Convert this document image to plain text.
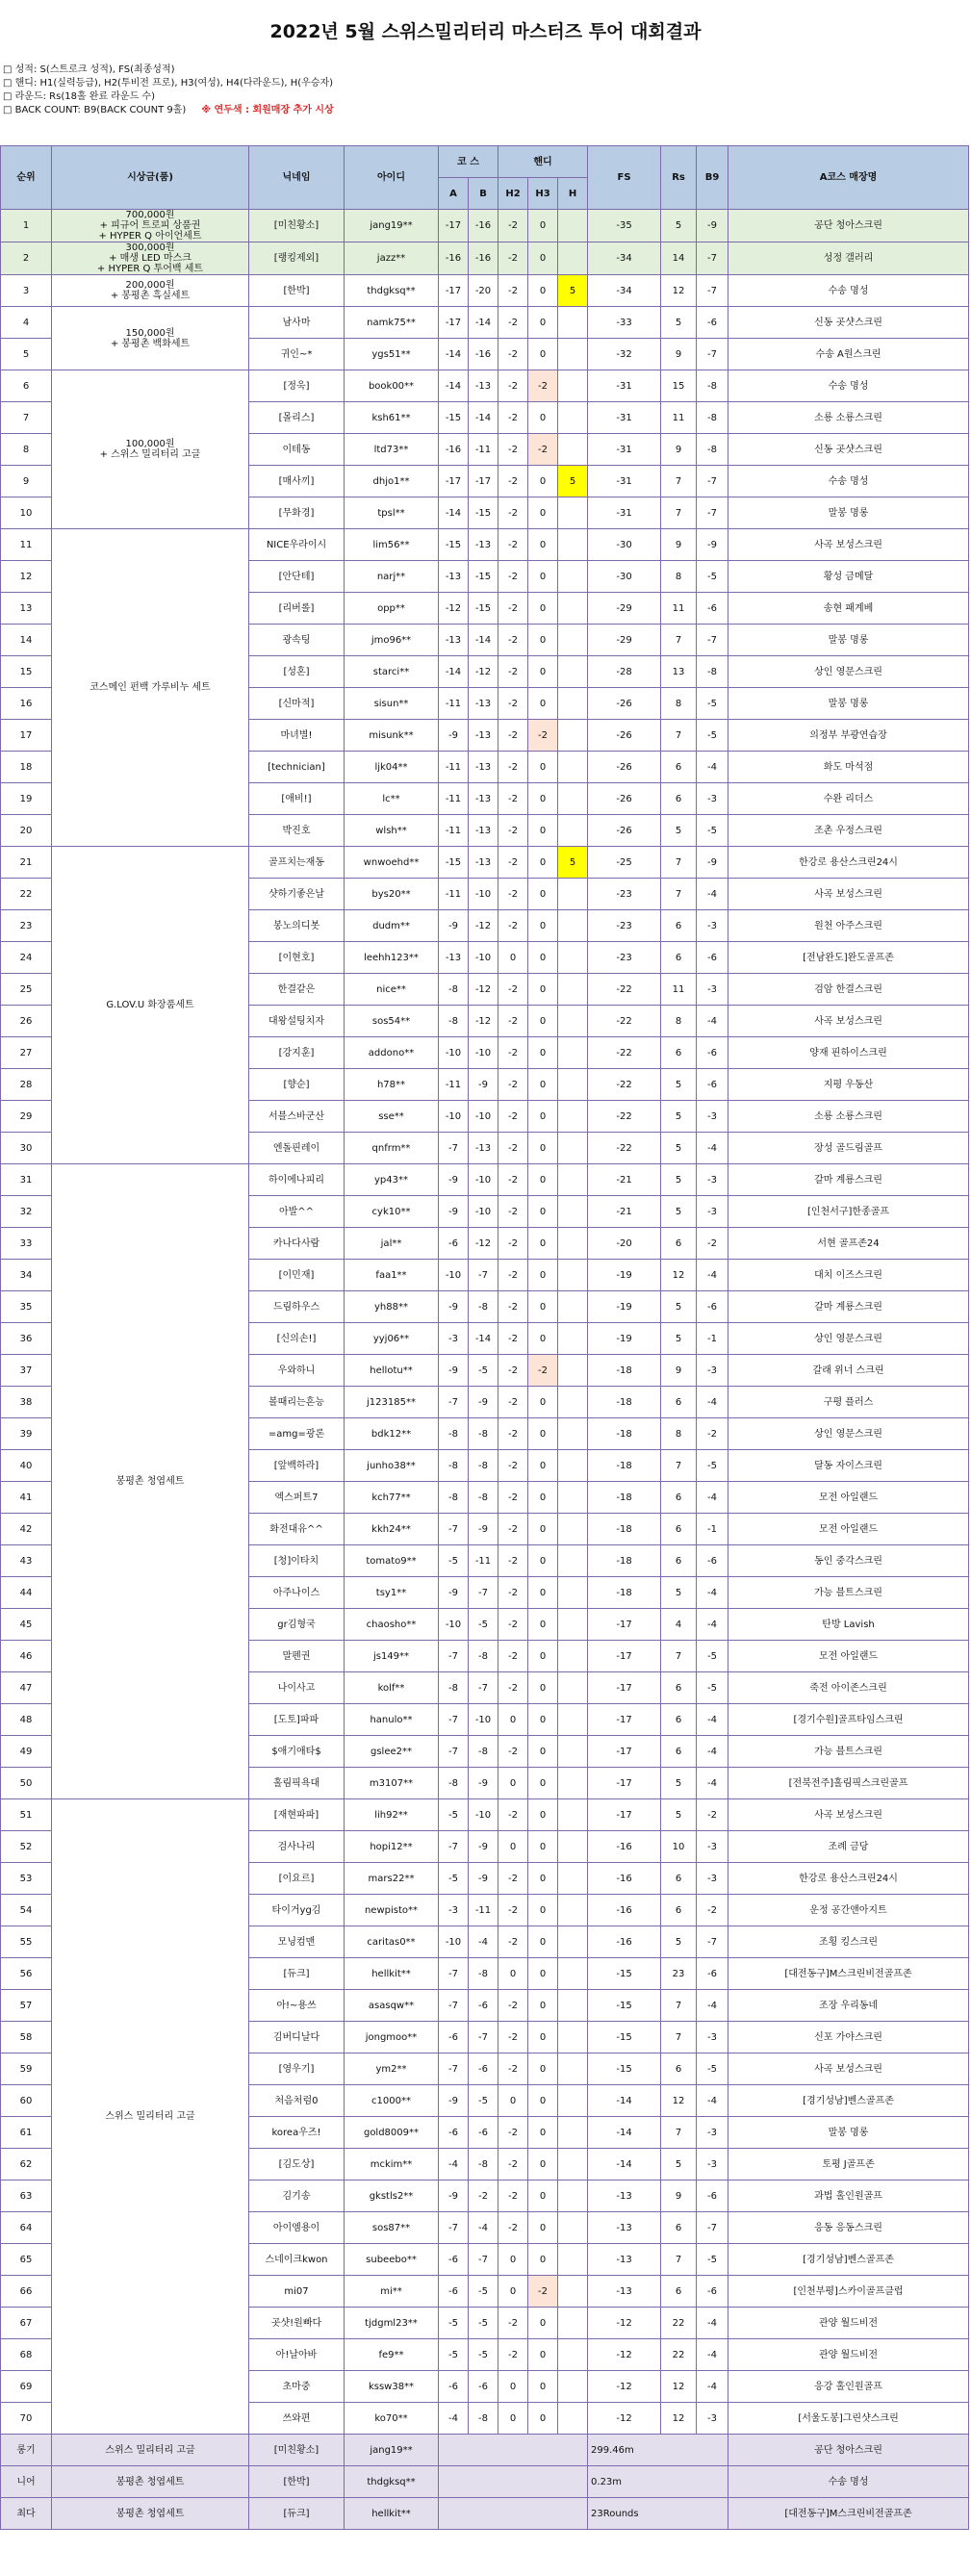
2022년 5월 스위스밀리터리 마스터즈 투어 대회결과
□ 성적: S(스트로크 성적), FS(최종성적)
□ 핸디: H1(실력등급), H2(투비전 프로), H3(여성), H4(다라운드), H(우승자)
□ 라운드: Rs(18홀 완료 라운드 수)
□ BACK COUNT: B9(BACK COUNT 9홀) ※ 연두색 : 회원매장 추가 시상
순위	시상금(품)	닉네임	아이디	코 스		핸디			FS	Rs	B9	A코스 매장명
				A	B	H2	H3	H				
1	700,000원
+ 피규어 트로피 상품권
+ HYPER Q 아이언세트	[미친황소]	jang19**	-17	-16	-2	0		-35	5	-9	공단 청아스크린
2	300,000원
+ 매생 LED 마스크
+ HYPER Q 투어백 세트	[랭킹제외]	jazz**	-16	-16	-2	0		-34	14	-7	성정 갤러리
3	200,000원
+ 봉평촌 흑실세트	[한박]	thdgksq**	-17	-20	-2	0	5	-34	12	-7	수송 명성
4	150,000원
+ 봉평촌 백화세트	남사마	namk75**	-17	-14	-2	0		-33	5	-6	신동 곳샷스크린
5		귀인~*	ygs51**	-14	-16	-2	0		-32	9	-7	수송 A원스크린
6	100,000원
+ 스위스 밀리터리 고글	[정욱]	book00**	-14	-13	-2	-2		-31	15	-8	수송 명성
7		[몰리스]	ksh61**	-15	-14	-2	0		-31	11	-8	소룡 소룡스크린
8		이테동	ltd73**	-16	-11	-2	-2		-31	9	-8	신동 곳샷스크린
9		[매사끼]	dhjo1**	-17	-17	-2	0	5	-31	7	-7	수송 명성
10		[무화경]	tpsl**	-14	-15	-2	0		-31	7	-7	말봉 명롱
11	코스메인 펀백 가루비누 세트	NICE우라이시	lim56**	-15	-13	-2	0		-30	9	-9	사곡 보성스크린
12		[안단테]	narj**	-13	-15	-2	0		-30	8	-5	황성 금메달
13		[리버롤]	opp**	-12	-15	-2	0		-29	11	-6	송현 패계베
14		광속팅	jmo96**	-13	-14	-2	0		-29	7	-7	말봉 명롱
15		[성혼]	starci**	-14	-12	-2	0		-28	13	-8	상인 영문스크린
16		[신마적]	sisun**	-11	-13	-2	0		-26	8	-5	말봉 명롱
17		마녀별!	misunk**	-9	-13	-2	-2		-26	7	-5	의정부 부광연습장
18		[technician]	ljk04**	-11	-13	-2	0		-26	6	-4	화도 마석점
19		[애비!]	lc**	-11	-13	-2	0		-26	6	-3	수완 리더스
20		박진호	wlsh**	-11	-13	-2	0		-26	5	-5	조촌 우정스크린
21	G.LOV.U 화장품세트	골프치는재동	wnwoehd**	-15	-13	-2	0	5	-25	7	-9	한강로 용산스크린24시
22		샷하기좋은날	bys20**	-11	-10	-2	0		-23	7	-4	사곡 보성스크린
23		봉노의디봇	dudm**	-9	-12	-2	0		-23	6	-3	원천 아주스크린
24		[이현호]	leehh123**	-13	-10	0	0		-23	6	-6	[전남완도]완도골프존
25		한결같은	nice**	-8	-12	-2	0		-22	11	-3	검암 한결스크린
26		대왕설팅치자	sos54**	-8	-12	-2	0		-22	8	-4	사곡 보성스크린
27		[강지훈]	addono**	-10	-10	-2	0		-22	6	-6	양재 핀하이스크린
28		[향순]	h78**	-11	-9	-2	0		-22	5	-6	지평 우동산
29		서블스바군산	sse**	-10	-10	-2	0		-22	5	-3	소룡 소룡스크린
30		엔돌핀레이	qnfrm**	-7	-13	-2	0		-22	5	-4	장성 골드림골프
31	봉평촌 청엽세트	하이에나피리	yp43**	-9	-10	-2	0		-21	5	-3	갈마 계룡스크린
32		아발^^	cyk10**	-9	-10	-2	0		-21	5	-3	[인천서구]한종골프
33		카나다사람	jal**	-6	-12	-2	0		-20	6	-2	서현 골프존24
34		[이민재]	faa1**	-10	-7	-2	0		-19	12	-4	대치 이즈스크린
35		드림하우스	yh88**	-9	-8	-2	0		-19	5	-6	갈마 계룡스크린
36		[신의손!]	yyj06**	-3	-14	-2	0		-19	5	-1	상인 영문스크린
37		우와하니	hellotu**	-9	-5	-2	-2		-18	9	-3	갈래 위너 스크린
38		볼때리는흔능	j123185**	-7	-9	-2	0		-18	6	-4	구평 플러스
39		=amg=광론	bdk12**	-8	-8	-2	0		-18	8	-2	상인 영문스크린
40		[앞백하라]	junho38**	-8	-8	-2	0		-18	7	-5	달동 자이스크린
41		엑스퍼트7	kch77**	-8	-8	-2	0		-18	6	-4	모전 아일랜드
42		화전대유^^	kkh24**	-7	-9	-2	0		-18	6	-1	모전 아일랜드
43		[청]이타치	tomato9**	-5	-11	-2	0		-18	6	-6	동인 중각스크린
44		아주나이스	tsy1**	-9	-7	-2	0		-18	5	-4	가능 블트스크린
45		gr김형국	chaosho**	-10	-5	-2	0		-17	4	-4	탄방 Lavish
46		말펜권	js149**	-7	-8	-2	0		-17	7	-5	모전 아일랜드
47		나이사고	kolf**	-8	-7	-2	0		-17	6	-5	죽전 아이존스크린
48		[도토]파파	hanulo**	-7	-10	0	0		-17	6	-4	[경기수원]골프타임스크린
49		$애기애타$	gslee2**	-7	-8	-2	0		-17	6	-4	가능 블트스크린
50		홀림픽욕대	m3107**	-8	-9	0	0		-17	5	-4	[전북전주]홀림픽스크린골프
51	스위스 밀리터리 고글	[재현파파]	lih92**	-5	-10	-2	0		-17	5	-2	사곡 보성스크린
52		검사나리	hopi12**	-7	-9	0	0		-16	10	-3	조례 금당
53		[이요르]	mars22**	-5	-9	-2	0		-16	6	-3	한강로 용산스크린24시
54		타이거yg김	newpisto**	-3	-11	-2	0		-16	6	-2	운정 공간앤아지트
55		모닝컴맨	caritas0**	-10	-4	-2	0		-16	5	-7	조횡 킹스크린
56		[듀크]	hellkit**	-7	-8	0	0		-15	23	-6	[대전동구]M스크린비전골프존
57		아!~용쓰	asasqw**	-7	-6	-2	0		-15	7	-4	조장 우리동네
58		김버디날다	jongmoo**	-6	-7	-2	0		-15	7	-3	신포 가야스크린
59		[영우기]	ym2**	-7	-6	-2	0		-15	6	-5	사곡 보성스크린
60		처음처럼0	c1000**	-9	-5	0	0		-14	12	-4	[경기성남]벤스골프존
61		korea우즈!	gold8009**	-6	-6	-2	0		-14	7	-3	말봉 명롱
62		[김도상]	mckim**	-4	-8	-2	0		-14	5	-3	토평 J골프존
63		김기송	gkstls2**	-9	-2	-2	0		-13	9	-6	과법 홀인원골프
64		아이엠용이	sos87**	-7	-4	-2	0		-13	6	-7	응동 응동스크린
65		스네이크kwon	subeebo**	-6	-7	0	0		-13	7	-5	[경기성남]벤스골프존
66		mi07	mi**	-6	-5	0	-2		-13	6	-6	[인천부평]스카이골프클럽
67		곳샷!원빠다	tjdgml23**	-5	-5	-2	0		-12	22	-4	관양 월드비전
68		아!날아바	fe9**	-5	-5	-2	0		-12	22	-4	관양 월드비전
69		초마중	kssw38**	-6	-6	0	0		-12	12	-4	응강 홀인원골프
70		쓰와편	ko70**	-4	-8	0	0		-12	12	-3	[서울도봉]그린샷스크린
롱기	스위스 밀리터리 고글	[미친황소]	jang19**						299.46m			공단 청아스크린
니어	봉평촌 청엽세트	[한박]	thdgksq**						0.23m			수송 명성
최다	봉평촌 청엽세트	[듀크]	hellkit**						23Rounds			[대전동구]M스크린비전골프존
